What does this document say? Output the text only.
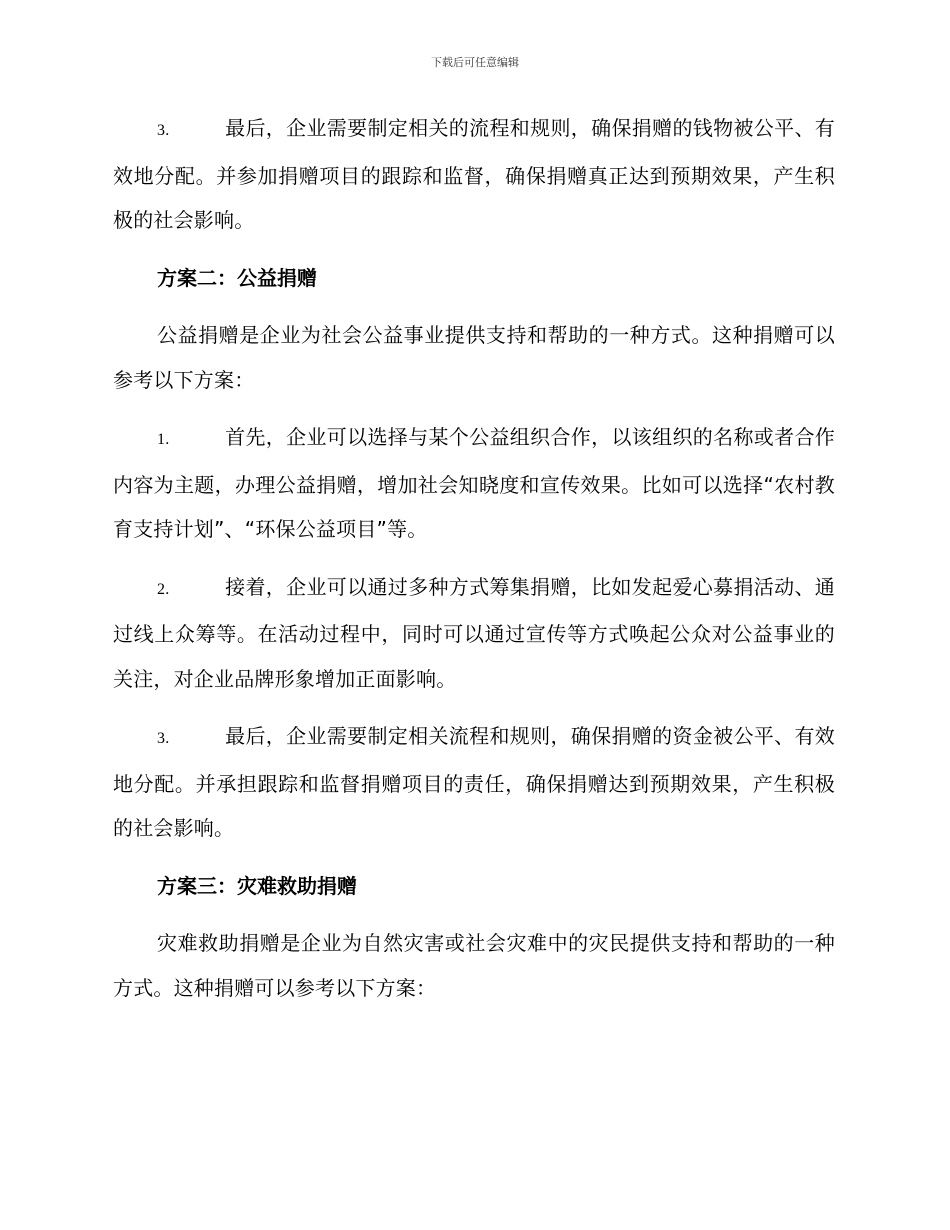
下载后可任意编辑

3.	最后，企业需要制定相关的流程和规则，确保捐赠的钱物被公平、有效地分配。并参加捐赠项目的跟踪和监督，确保捐赠真正达到预期效果，产生积极的社会影响。

方案二：公益捐赠

公益捐赠是企业为社会公益事业提供支持和帮助的一种方式。这种捐赠可以参考以下方案：

1.	首先，企业可以选择与某个公益组织合作，以该组织的名称或者合作内容为主题，办理公益捐赠，增加社会知晓度和宣传效果。比如可以选择“农村教育支持计划”、“环保公益项目”等。

2.	接着，企业可以通过多种方式筹集捐赠，比如发起爱心募捐活动、通过线上众筹等。在活动过程中，同时可以通过宣传等方式唤起公众对公益事业的关注，对企业品牌形象增加正面影响。

3.	最后，企业需要制定相关流程和规则，确保捐赠的资金被公平、有效地分配。并承担跟踪和监督捐赠项目的责任，确保捐赠达到预期效果，产生积极的社会影响。

方案三：灾难救助捐赠

灾难救助捐赠是企业为自然灾害或社会灾难中的灾民提供支持和帮助的一种方式。这种捐赠可以参考以下方案：
